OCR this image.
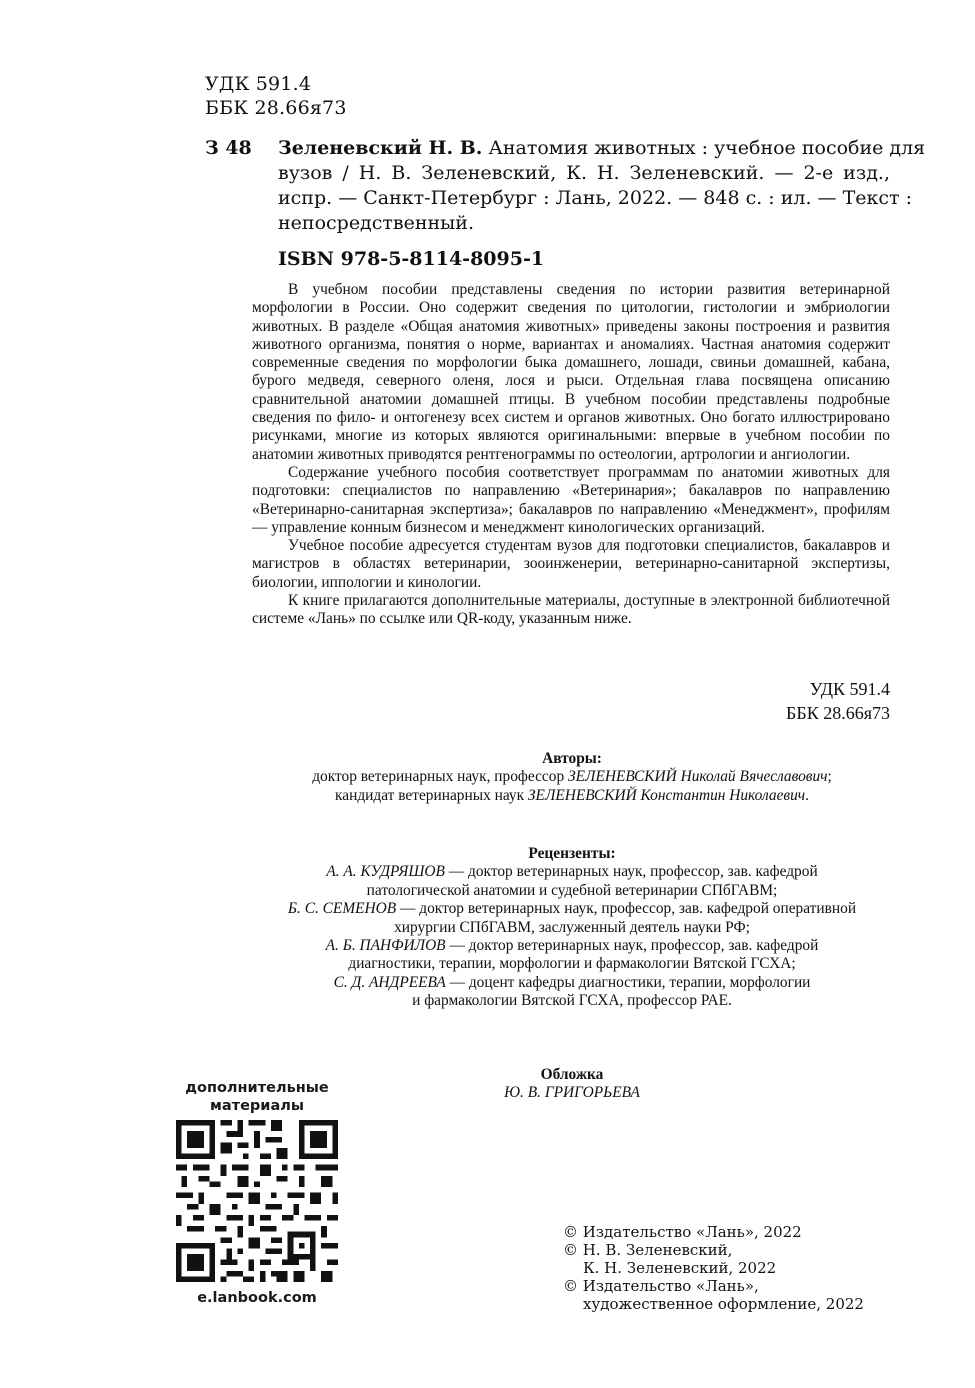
УДК 591.4
ББК 28.66я73
З 48 Зеленевский Н. В. Анатомия животных : учебное пособие для
вузов / Н. В. Зеленевский, К. Н. Зеленевский. — 2-е изд.,
испр. — Санкт-Петербург : Лань, 2022. — 848 с. : ил. — Текст :
непосредственный.
ISBN 978-5-8114-8095-1

В учебном пособии представлены сведения по истории развития ветеринарной морфологии в России. Оно содержит сведения по цитологии, гистологии и эмбриологии животных. В разделе «Общая анатомия животных» приведены законы построения и развития животного организма, понятия о норме, вариантах и аномалиях. Частная анатомия содержит современные сведения по морфологии быка домашнего, лошади, свиньи домашней, кабана, бурого медведя, северного оленя, лося и рыси. Отдельная глава посвящена описанию сравнительной анатомии домашней птицы. В учебном пособии представлены подробные сведения по фило- и онтогенезу всех систем и органов животных. Оно богато иллюстрировано рисунками, многие из которых являются оригинальными: впервые в учебном пособии по анатомии животных приводятся рентгенограммы по остеологии, артрологии и ангиологии.

Содержание учебного пособия соответствует программам по анатомии животных для подготовки: специалистов по направлению «Ветеринария»; бакалавров по направлению «Ветеринарно-санитарная экспертиза»; бакалавров по направлению «Менеджмент», профилям — управление конным бизнесом и менеджмент кинологических организаций.

Учебное пособие адресуется студентам вузов для подготовки специалистов, бакалавров и магистров в областях ветеринарии, зооинженерии, ветеринарно-санитарной экспертизы, биологии, иппологии и кинологии.

К книге прилагаются дополнительные материалы, доступные в электронной библиотечной системе «Лань» по ссылке или QR-коду, указанным ниже.

УДК 591.4
ББК 28.66я73
Авторы:
доктор ветеринарных наук, профессор ЗЕЛЕНЕВСКИЙ Николай Вячеславович;
кандидат ветеринарных наук ЗЕЛЕНЕВСКИЙ Константин Николаевич.
Рецензенты:
А. А. КУДРЯШОВ — доктор ветеринарных наук, профессор, зав. кафедрой
патологической анатомии и судебной ветеринарии СПбГАВМ;
Б. С. СЕМЕНОВ — доктор ветеринарных наук, профессор, зав. кафедрой оперативной
хирургии СПбГАВМ, заслуженный деятель науки РФ;
А. Б. ПАНФИЛОВ — доктор ветеринарных наук, профессор, зав. кафедрой
диагностики, терапии, морфологии и фармакологии Вятской ГСХА;
С. Д. АНДРЕЕВА — доцент кафедры диагностики, терапии, морфологии
и фармакологии Вятской ГСХА, профессор РАЕ.
Обложка
Ю. В. ГРИГОРЬЕВА
дополнительные
материалы
e.lanbook.com
© Издательство «Лань», 2022
© Н. В. Зеленевский,
К. Н. Зеленевский, 2022
© Издательство «Лань»,
художественное оформление, 2022
